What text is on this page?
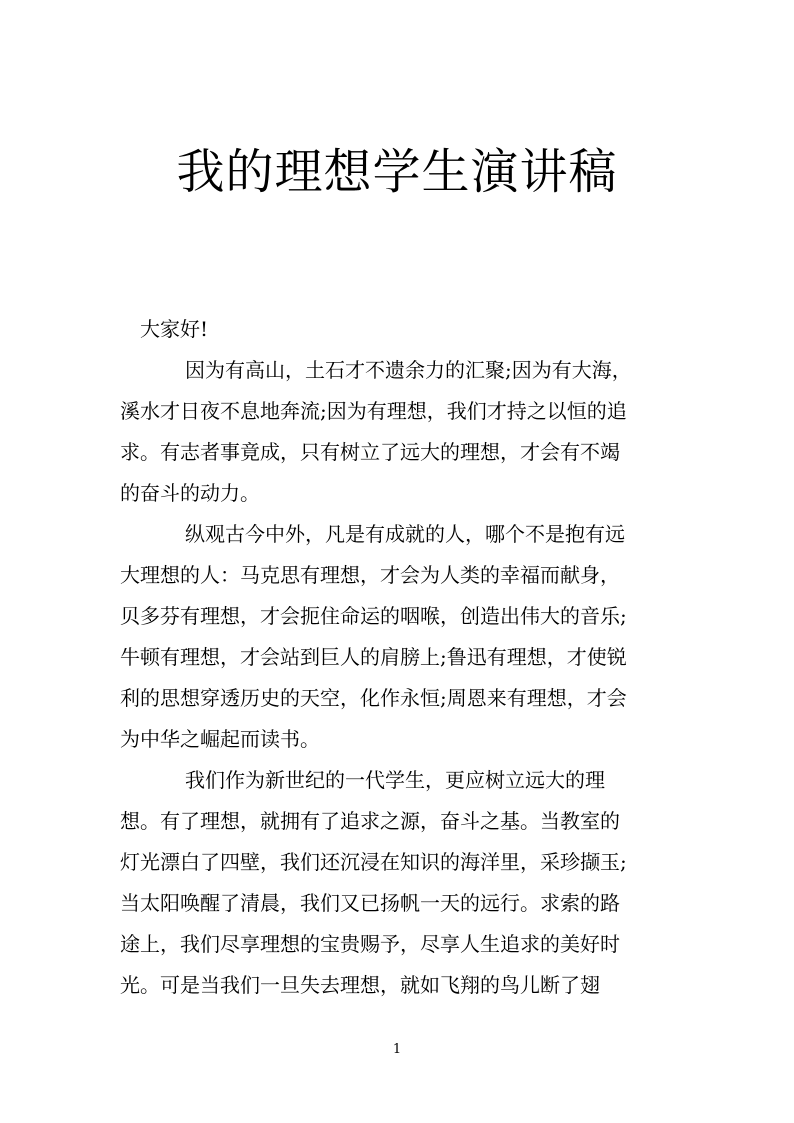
我的理想学生演讲稿
大家好!
因为有高山，土石才不遗余力的汇聚;因为有大海，
溪水才日夜不息地奔流;因为有理想，我们才持之以恒的追
求。有志者事竟成，只有树立了远大的理想，才会有不竭
的奋斗的动力。
纵观古今中外，凡是有成就的人，哪个不是抱有远
大理想的人：马克思有理想，才会为人类的幸福而献身，
贝多芬有理想，才会扼住命运的咽喉，创造出伟大的音乐;
牛顿有理想，才会站到巨人的肩膀上;鲁迅有理想，才使锐
利的思想穿透历史的天空，化作永恒;周恩来有理想，才会
为中华之崛起而读书。
我们作为新世纪的一代学生，更应树立远大的理
想。有了理想，就拥有了追求之源，奋斗之基。当教室的
灯光漂白了四壁，我们还沉浸在知识的海洋里，采珍撷玉;
当太阳唤醒了清晨，我们又已扬帆一天的远行。求索的路
途上，我们尽享理想的宝贵赐予，尽享人生追求的美好时
光。可是当我们一旦失去理想，就如飞翔的鸟儿断了翅
1
